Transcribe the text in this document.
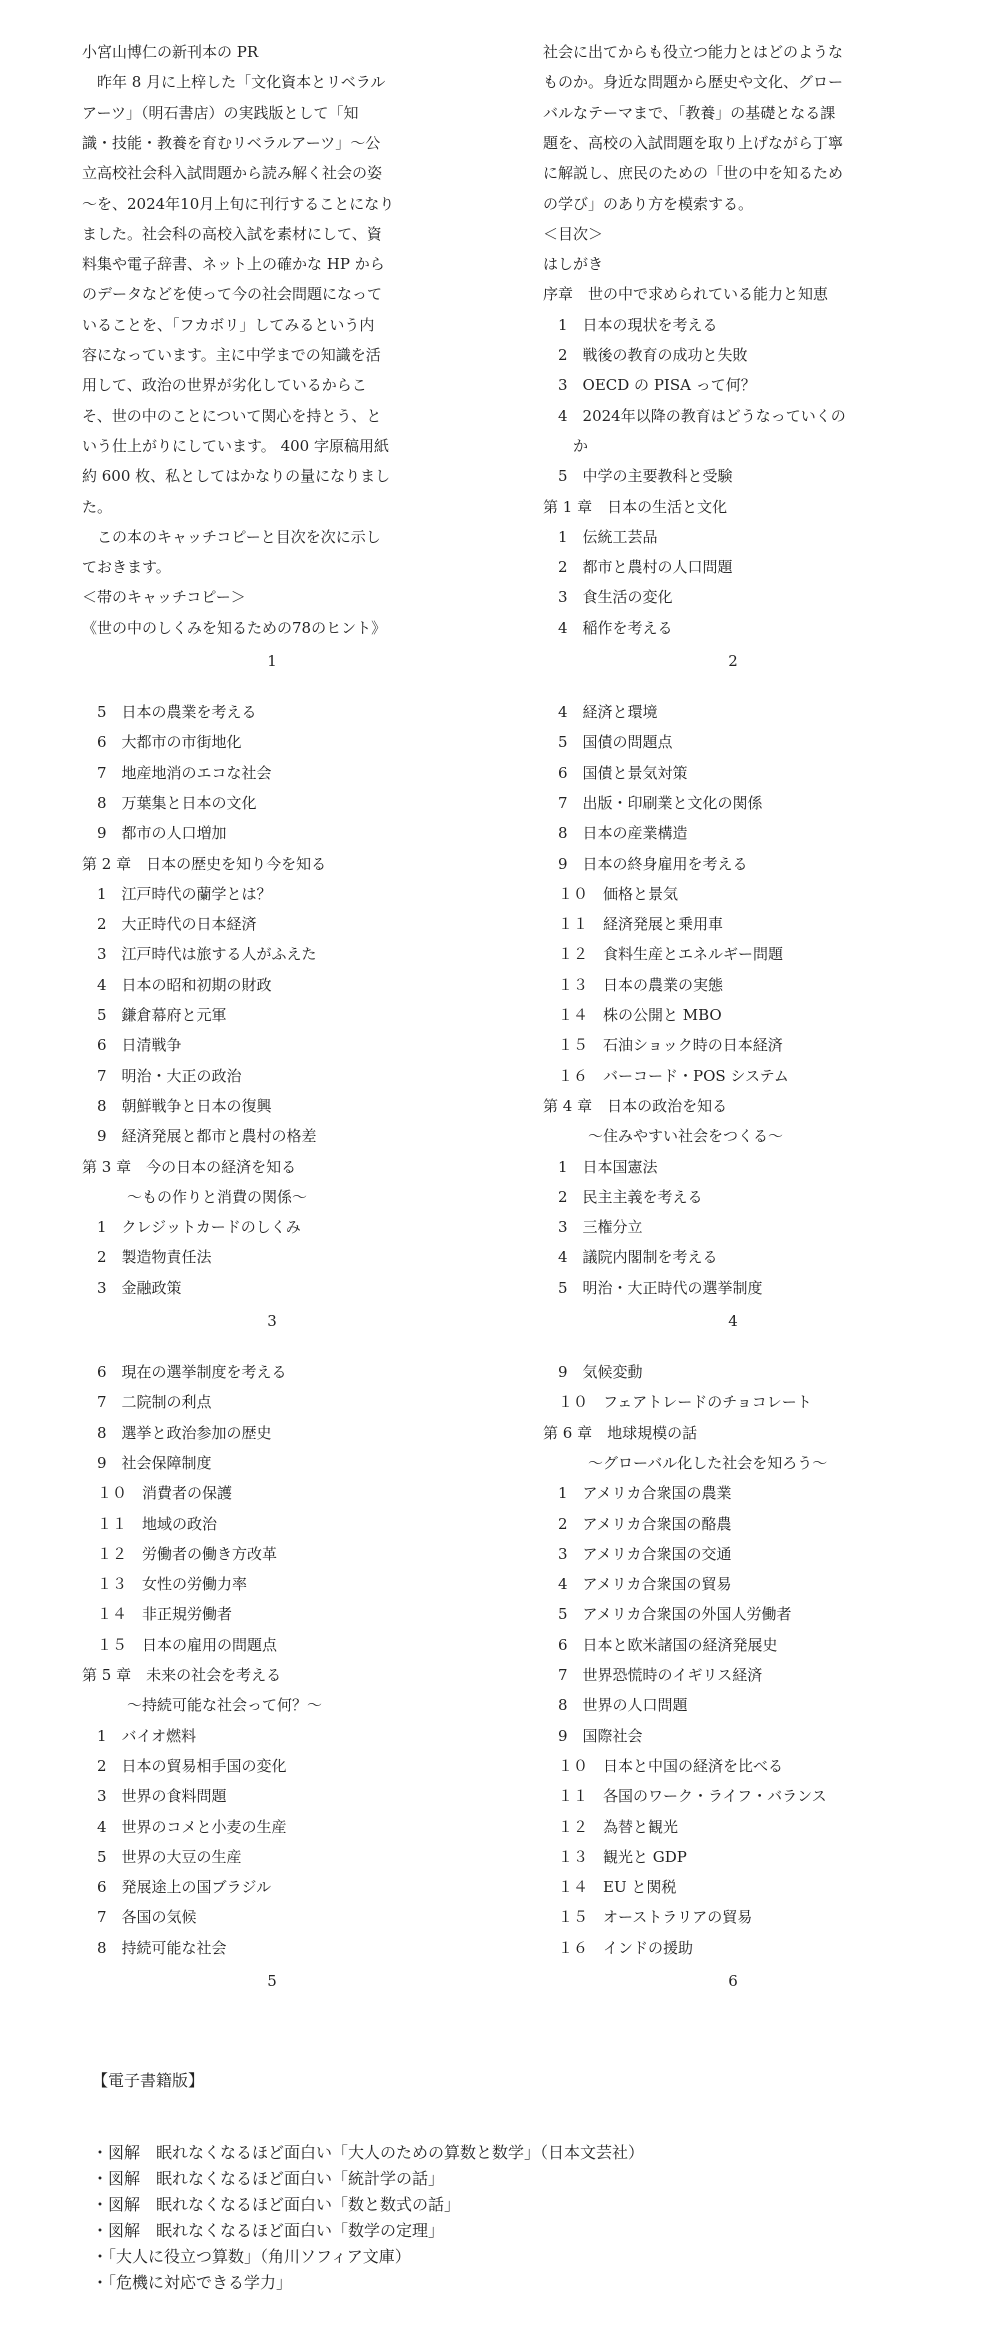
小宮山博仁の新刊本の PR
　昨年 8 月に上梓した「文化資本とリベラル
アーツ」（明石書店）の実践版として「知
識・技能・教養を育むリベラルアーツ」～公
立高校社会科入試問題から読み解く社会の姿
～を、2024年10月上旬に刊行することになり
ました。社会科の高校入試を素材にして、資
料集や電子辞書、ネット上の確かな HP から
のデータなどを使って今の社会問題になって
いることを、「フカボリ」してみるという内
容になっています。主に中学までの知識を活
用して、政治の世界が劣化しているからこ
そ、世の中のことについて関心を持とう、と
いう仕上がりにしています。 400 字原稿用紙
約 600 枚、私としてはかなりの量になりまし
た。
　この本のキャッチコピーと目次を次に示し
ておきます。
＜帯のキャッチコピー＞
《世の中のしくみを知るための78のヒント》
1
社会に出てからも役立つ能力とはどのような
ものか。身近な問題から歴史や文化、グロー
バルなテーマまで、「教養」の基礎となる課
題を、高校の入試問題を取り上げながら丁寧
に解説し、庶民のための「世の中を知るため
の学び」のあり方を模索する。
＜目次＞
はしがき
序章　世の中で求められている能力と知恵
　1　日本の現状を考える
　2　戦後の教育の成功と失敗
　3　OECD の PISA って何？
　4　2024年以降の教育はどうなっていくの
　　か
　5　中学の主要教科と受験
第 1 章　日本の生活と文化
　1　伝統工芸品
　2　都市と農村の人口問題
　3　食生活の変化
　4　稲作を考える
2
　5　日本の農業を考える
　6　大都市の市街地化
　7　地産地消のエコな社会
　8　万葉集と日本の文化
　9　都市の人口増加
第 2 章　日本の歴史を知り今を知る
　1　江戸時代の蘭学とは？
　2　大正時代の日本経済
　3　江戸時代は旅する人がふえた
　4　日本の昭和初期の財政
　5　鎌倉幕府と元軍
　6　日清戦争
　7　明治・大正の政治
　8　朝鮮戦争と日本の復興
　9　経済発展と都市と農村の格差
第 3 章　今の日本の経済を知る
　　　～もの作りと消費の関係～
　1　クレジットカードのしくみ
　2　製造物責任法
　3　金融政策
3
　4　経済と環境
　5　国債の問題点
　6　国債と景気対策
　7　出版・印刷業と文化の関係
　8　日本の産業構造
　9　日本の終身雇用を考える
　１０　価格と景気
　１１　経済発展と乗用車
　１２　食料生産とエネルギー問題
　１３　日本の農業の実態
　１４　株の公開と MBO
　１５　石油ショック時の日本経済
　１６　バーコード・POS システム
第 4 章　日本の政治を知る
　　　～住みやすい社会をつくる～
　1　日本国憲法
　2　民主主義を考える
　3　三権分立
　4　議院内閣制を考える
　5　明治・大正時代の選挙制度
4
　6　現在の選挙制度を考える
　7　二院制の利点
　8　選挙と政治参加の歴史
　9　社会保障制度
　１０　消費者の保護
　１１　地域の政治
　１２　労働者の働き方改革
　１３　女性の労働力率
　１４　非正規労働者
　１５　日本の雇用の問題点
第 5 章　未来の社会を考える
　　　～持続可能な社会って何？～
　1　バイオ燃料
　2　日本の貿易相手国の変化
　3　世界の食料問題
　4　世界のコメと小麦の生産
　5　世界の大豆の生産
　6　発展途上の国ブラジル
　7　各国の気候
　8　持続可能な社会
5
　9　気候変動
　１０　フェアトレードのチョコレート
第 6 章　地球規模の話
　　　～グローバル化した社会を知ろう～
　1　アメリカ合衆国の農業
　2　アメリカ合衆国の酪農
　3　アメリカ合衆国の交通
　4　アメリカ合衆国の貿易
　5　アメリカ合衆国の外国人労働者
　6　日本と欧米諸国の経済発展史
　7　世界恐慌時のイギリス経済
　8　世界の人口問題
　9　国際社会
　１０　日本と中国の経済を比べる
　１１　各国のワーク・ライフ・バランス
　１２　為替と観光
　１３　観光と GDP
　１４　EU と関税
　１５　オーストラリアの貿易
　１６　インドの援助
6
【電子書籍版】
・図解　眠れなくなるほど面白い「大人のための算数と数学」（日本文芸社）
・図解　眠れなくなるほど面白い「統計学の話」
・図解　眠れなくなるほど面白い「数と数式の話」
・図解　眠れなくなるほど面白い「数学の定理」
・「大人に役立つ算数」（角川ソフィア文庫）
・「危機に対応できる学力」
